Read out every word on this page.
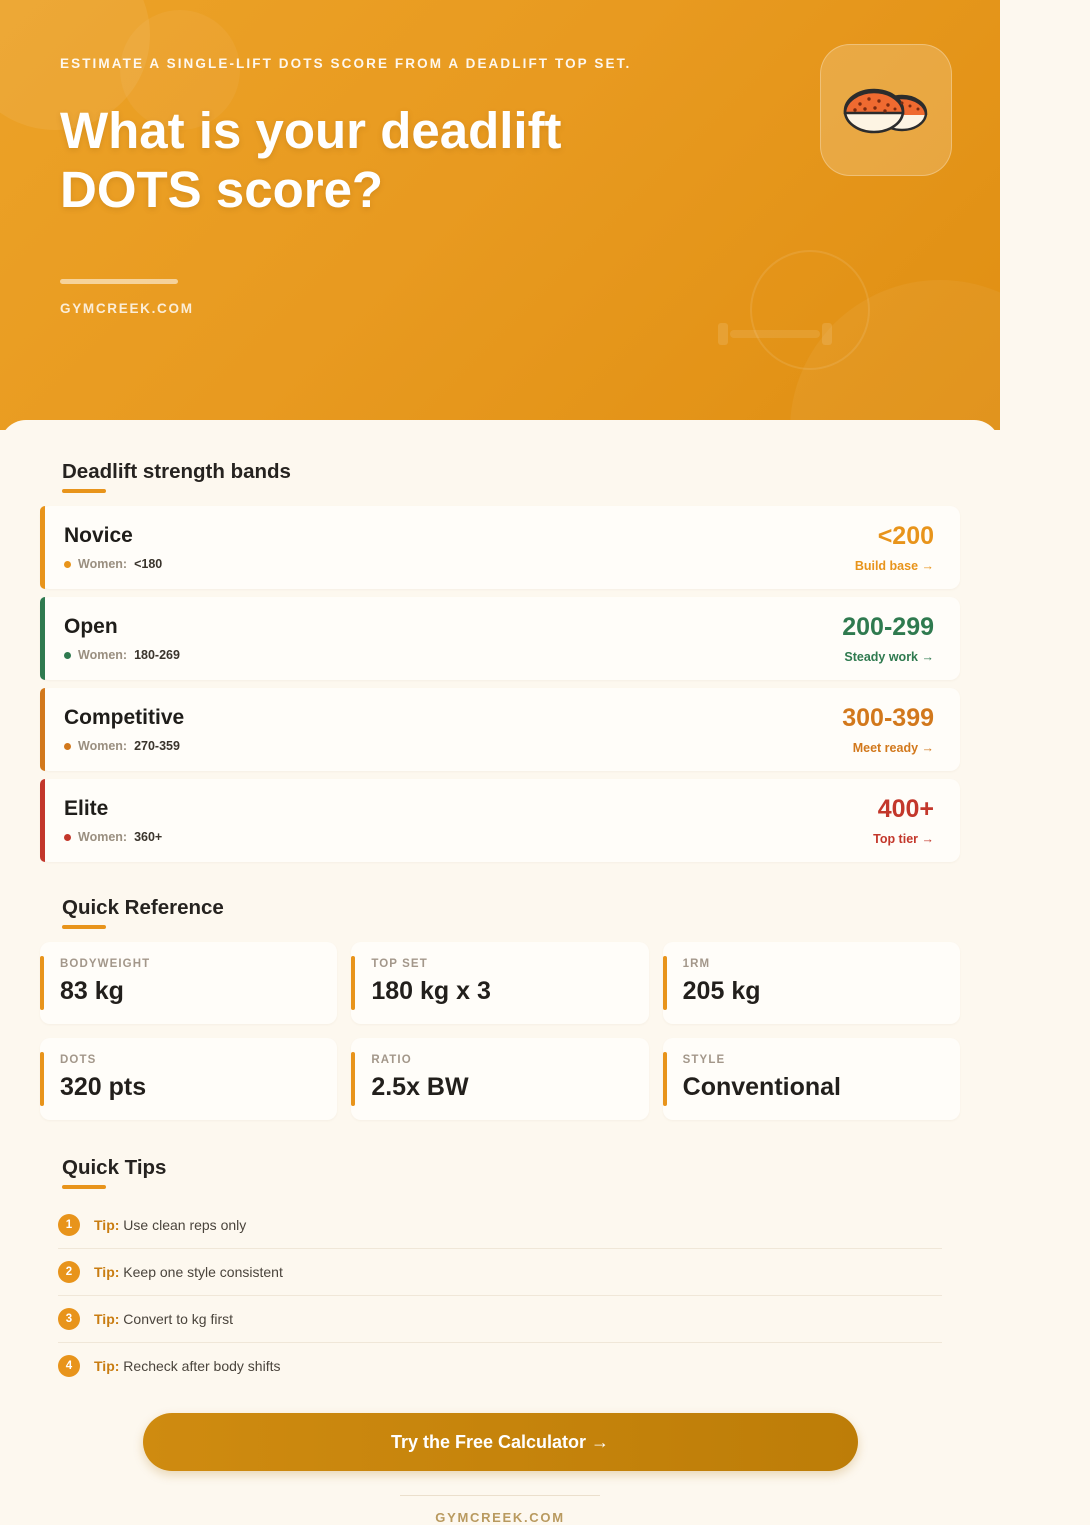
ESTIMATE A SINGLE-LIFT DOTS SCORE FROM A DEADLIFT TOP SET.
What is your deadlift DOTS score?
GYMCREEK.COM
Deadlift strength bands
Novice
Women: <180
<200
Build base →
Open
Women: 180-269
200-299
Steady work →
Competitive
Women: 270-359
300-399
Meet ready →
Elite
Women: 360+
400+
Top tier →
Quick Reference
BODYWEIGHT
83 kg
TOP SET
180 kg x 3
1RM
205 kg
DOTS
320 pts
RATIO
2.5x BW
STYLE
Conventional
Quick Tips
1	Tip: Use clean reps only
2	Tip: Keep one style consistent
3	Tip: Convert to kg first
4	Tip: Recheck after body shifts
Try the Free Calculator →
GYMCREEK.COM
